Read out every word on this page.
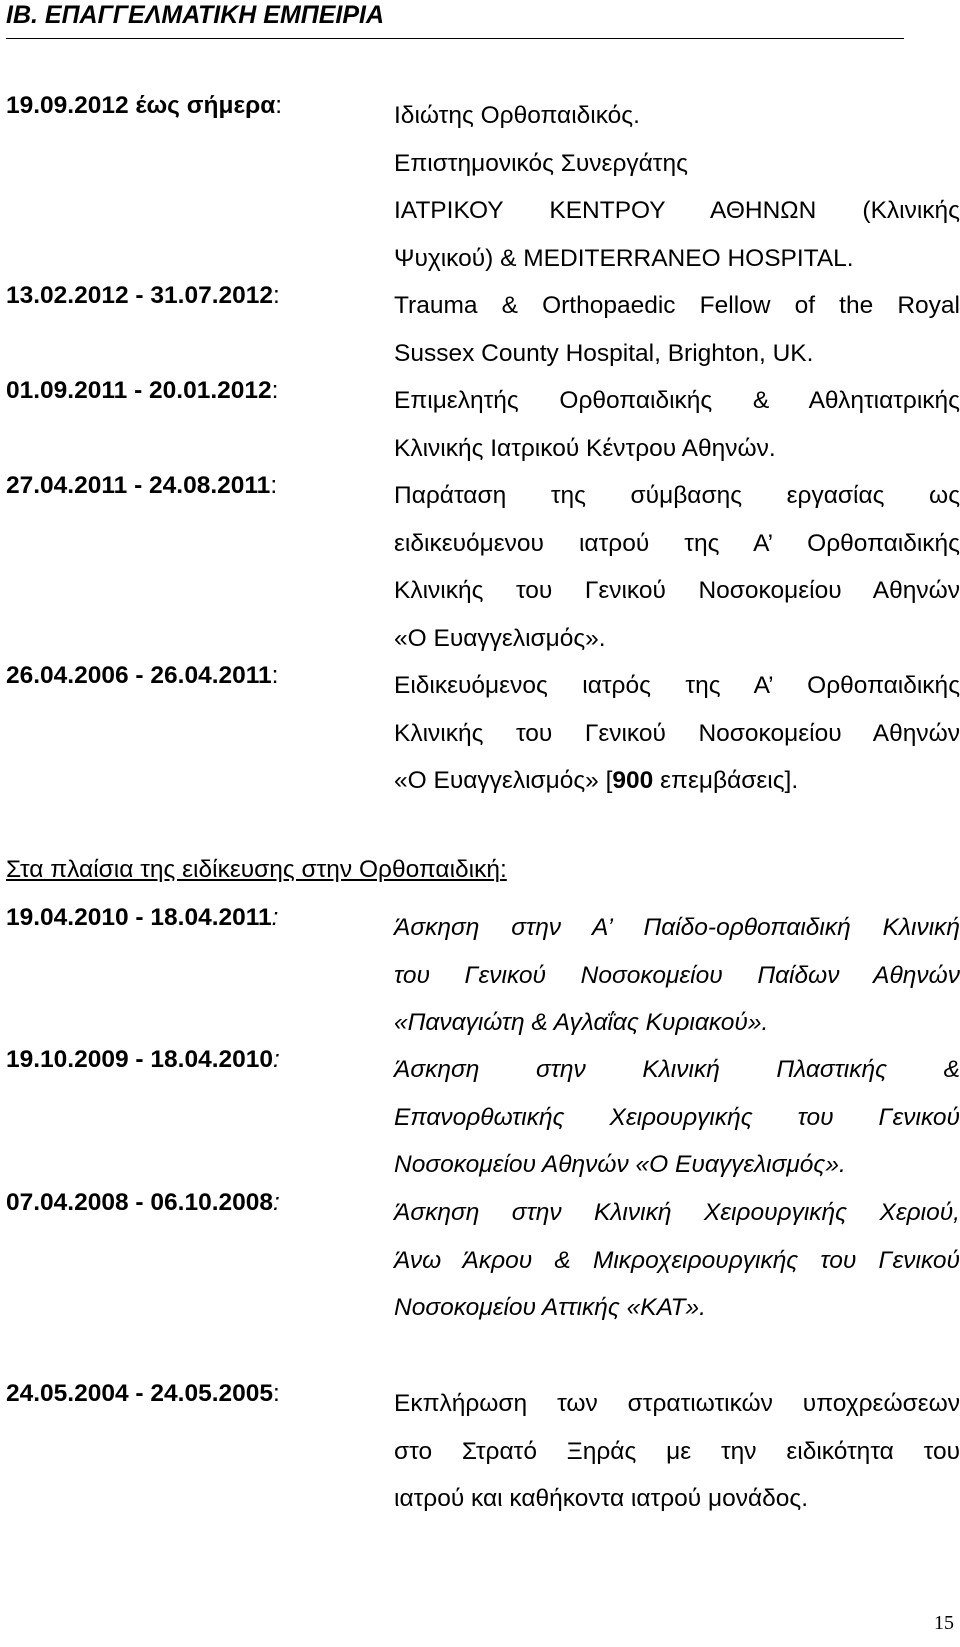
ΙΒ. ΕΠΑΓΓΕΛΜΑΤΙΚΗ ΕΜΠΕΙΡΙΑ
19.09.2012 έως σήμερα:	Ιδιώτης Ορθοπαιδικός.
Επιστημονικός Συνεργάτης
ΙΑΤΡΙΚΟΥ ΚΕΝΤΡΟΥ ΑΘΗΝΩΝ (Κλινικής
Ψυχικού) & MEDITERRANEO HOSPITAL.
13.02.2012 - 31.07.2012:	Trauma & Orthopaedic Fellow of the Royal
Sussex County Hospital, Brighton, UK.
01.09.2011 - 20.01.2012:	Επιμελητής Ορθοπαιδικής & Αθλητιατρικής
Κλινικής Ιατρικού Κέντρου Αθηνών.
27.04.2011 - 24.08.2011:	Παράταση της σύμβασης εργασίας ως
ειδικευόμενου ιατρού της Α’ Ορθοπαιδικής
Κλινικής του Γενικού Νοσοκομείου Αθηνών
«Ο Ευαγγελισμός».
26.04.2006 - 26.04.2011:	Ειδικευόμενος ιατρός της Α’ Ορθοπαιδικής
Κλινικής του Γενικού Νοσοκομείου Αθηνών
«Ο Ευαγγελισμός» [900 επεμβάσεις].
Στα πλαίσια της ειδίκευσης στην Ορθοπαιδική:
19.04.2010 - 18.04.2011:	Άσκηση στην Α’ Παίδο-ορθοπαιδική Κλινική
του Γενικού Νοσοκομείου Παίδων Αθηνών
«Παναγιώτη & Αγλαΐας Κυριακού».
19.10.2009 - 18.04.2010:	Άσκηση στην Κλινική Πλαστικής &
Επανορθωτικής Χειρουργικής του Γενικού
Νοσοκομείου Αθηνών «Ο Ευαγγελισμός».
07.04.2008 - 06.10.2008:	Άσκηση στην Κλινική Χειρουργικής Χεριού,
Άνω Άκρου & Μικροχειρουργικής του Γενικού
Νοσοκομείου Αττικής «ΚΑΤ».
24.05.2004 - 24.05.2005:	Εκπλήρωση των στρατιωτικών υποχρεώσεων
στο Στρατό Ξηράς με την ειδικότητα του
ιατρού και καθήκοντα ιατρού μονάδος.
15
